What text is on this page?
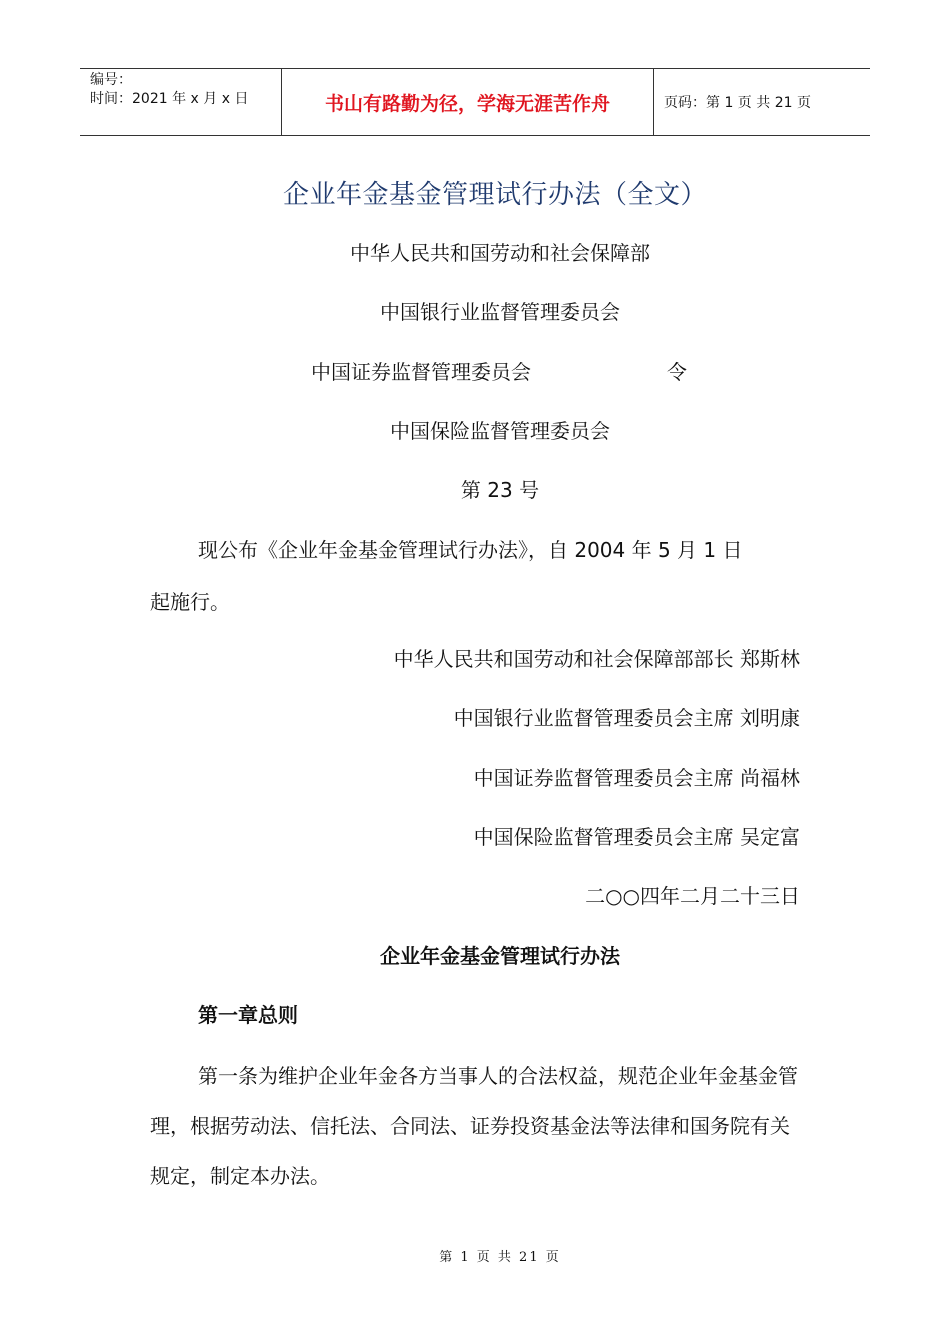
编号：
时间：2021 年 x 月 x 日	书山有路勤为径，学海无涯苦作舟	页码：第 1 页 共 21 页
企业年金基金管理试行办法（全文）
中华人民共和国劳动和社会保障部
中国银行业监督管理委员会
中国证券监督管理委员会	令
中国保险监督管理委员会
第 23 号
现公布《企业年金基金管理试行办法》，自 2004 年 5 月 1 日
起施行。
中华人民共和国劳动和社会保障部部长 郑斯林
中国银行业监督管理委员会主席 刘明康
中国证券监督管理委员会主席 尚福林
中国保险监督管理委员会主席 吴定富
二○○四年二月二十三日
企业年金基金管理试行办法
第一章总则

第一条为维护企业年金各方当事人的合法权益，规范企业年金基金管理，根据劳动法、信托法、合同法、证券投资基金法等法律和国务院有关规定，制定本办法。

第 1 页 共 21 页
